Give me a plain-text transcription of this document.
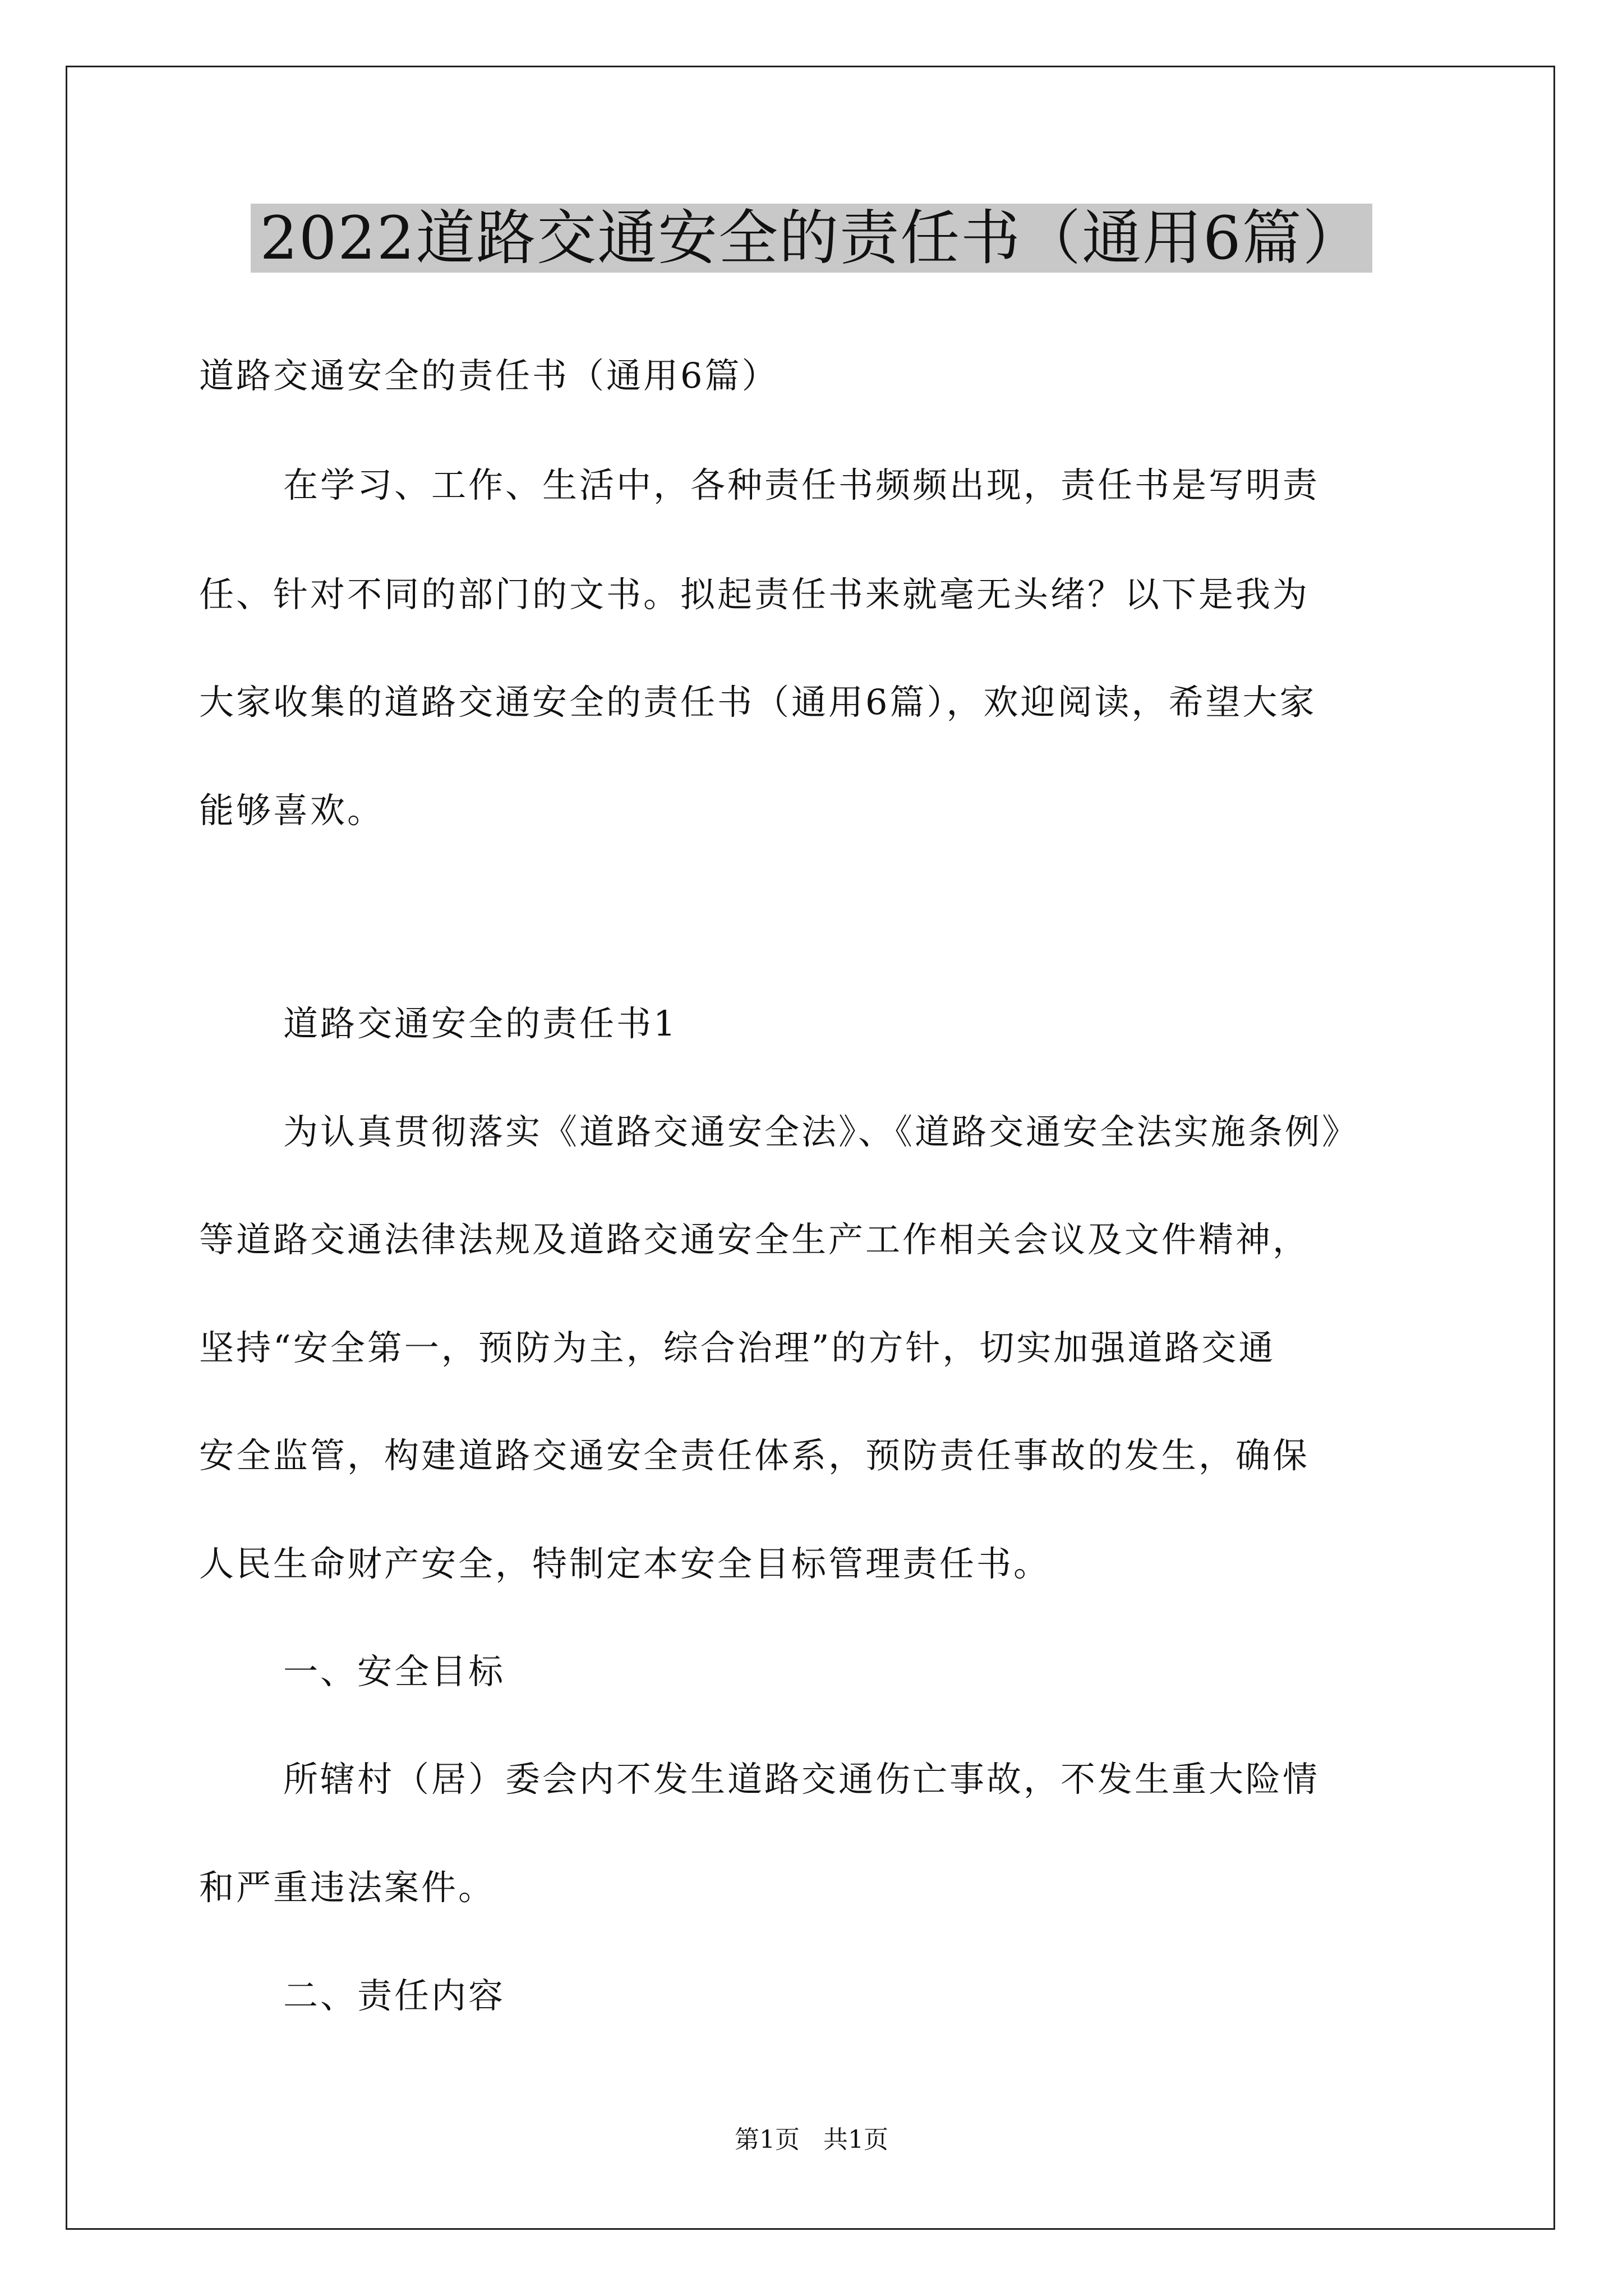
2022道路交通安全的责任书（通用6篇）
道路交通安全的责任书（通用6篇）
在学习、工作、生活中，各种责任书频频出现，责任书是写明责
任、针对不同的部门的文书。拟起责任书来就毫无头绪？以下是我为
大家收集的道路交通安全的责任书（通用6篇），欢迎阅读，希望大家
能够喜欢。
道路交通安全的责任书1
为认真贯彻落实《道路交通安全法》、《道路交通安全法实施条例》
等道路交通法律法规及道路交通安全生产工作相关会议及文件精神，
坚持“安全第一，预防为主，综合治理”的方针，切实加强道路交通
安全监管，构建道路交通安全责任体系，预防责任事故的发生，确保
人民生命财产安全，特制定本安全目标管理责任书。
一、安全目标
所辖村（居）委会内不发生道路交通伤亡事故，不发生重大险情
和严重违法案件。
二、责任内容
第1页   共1页
